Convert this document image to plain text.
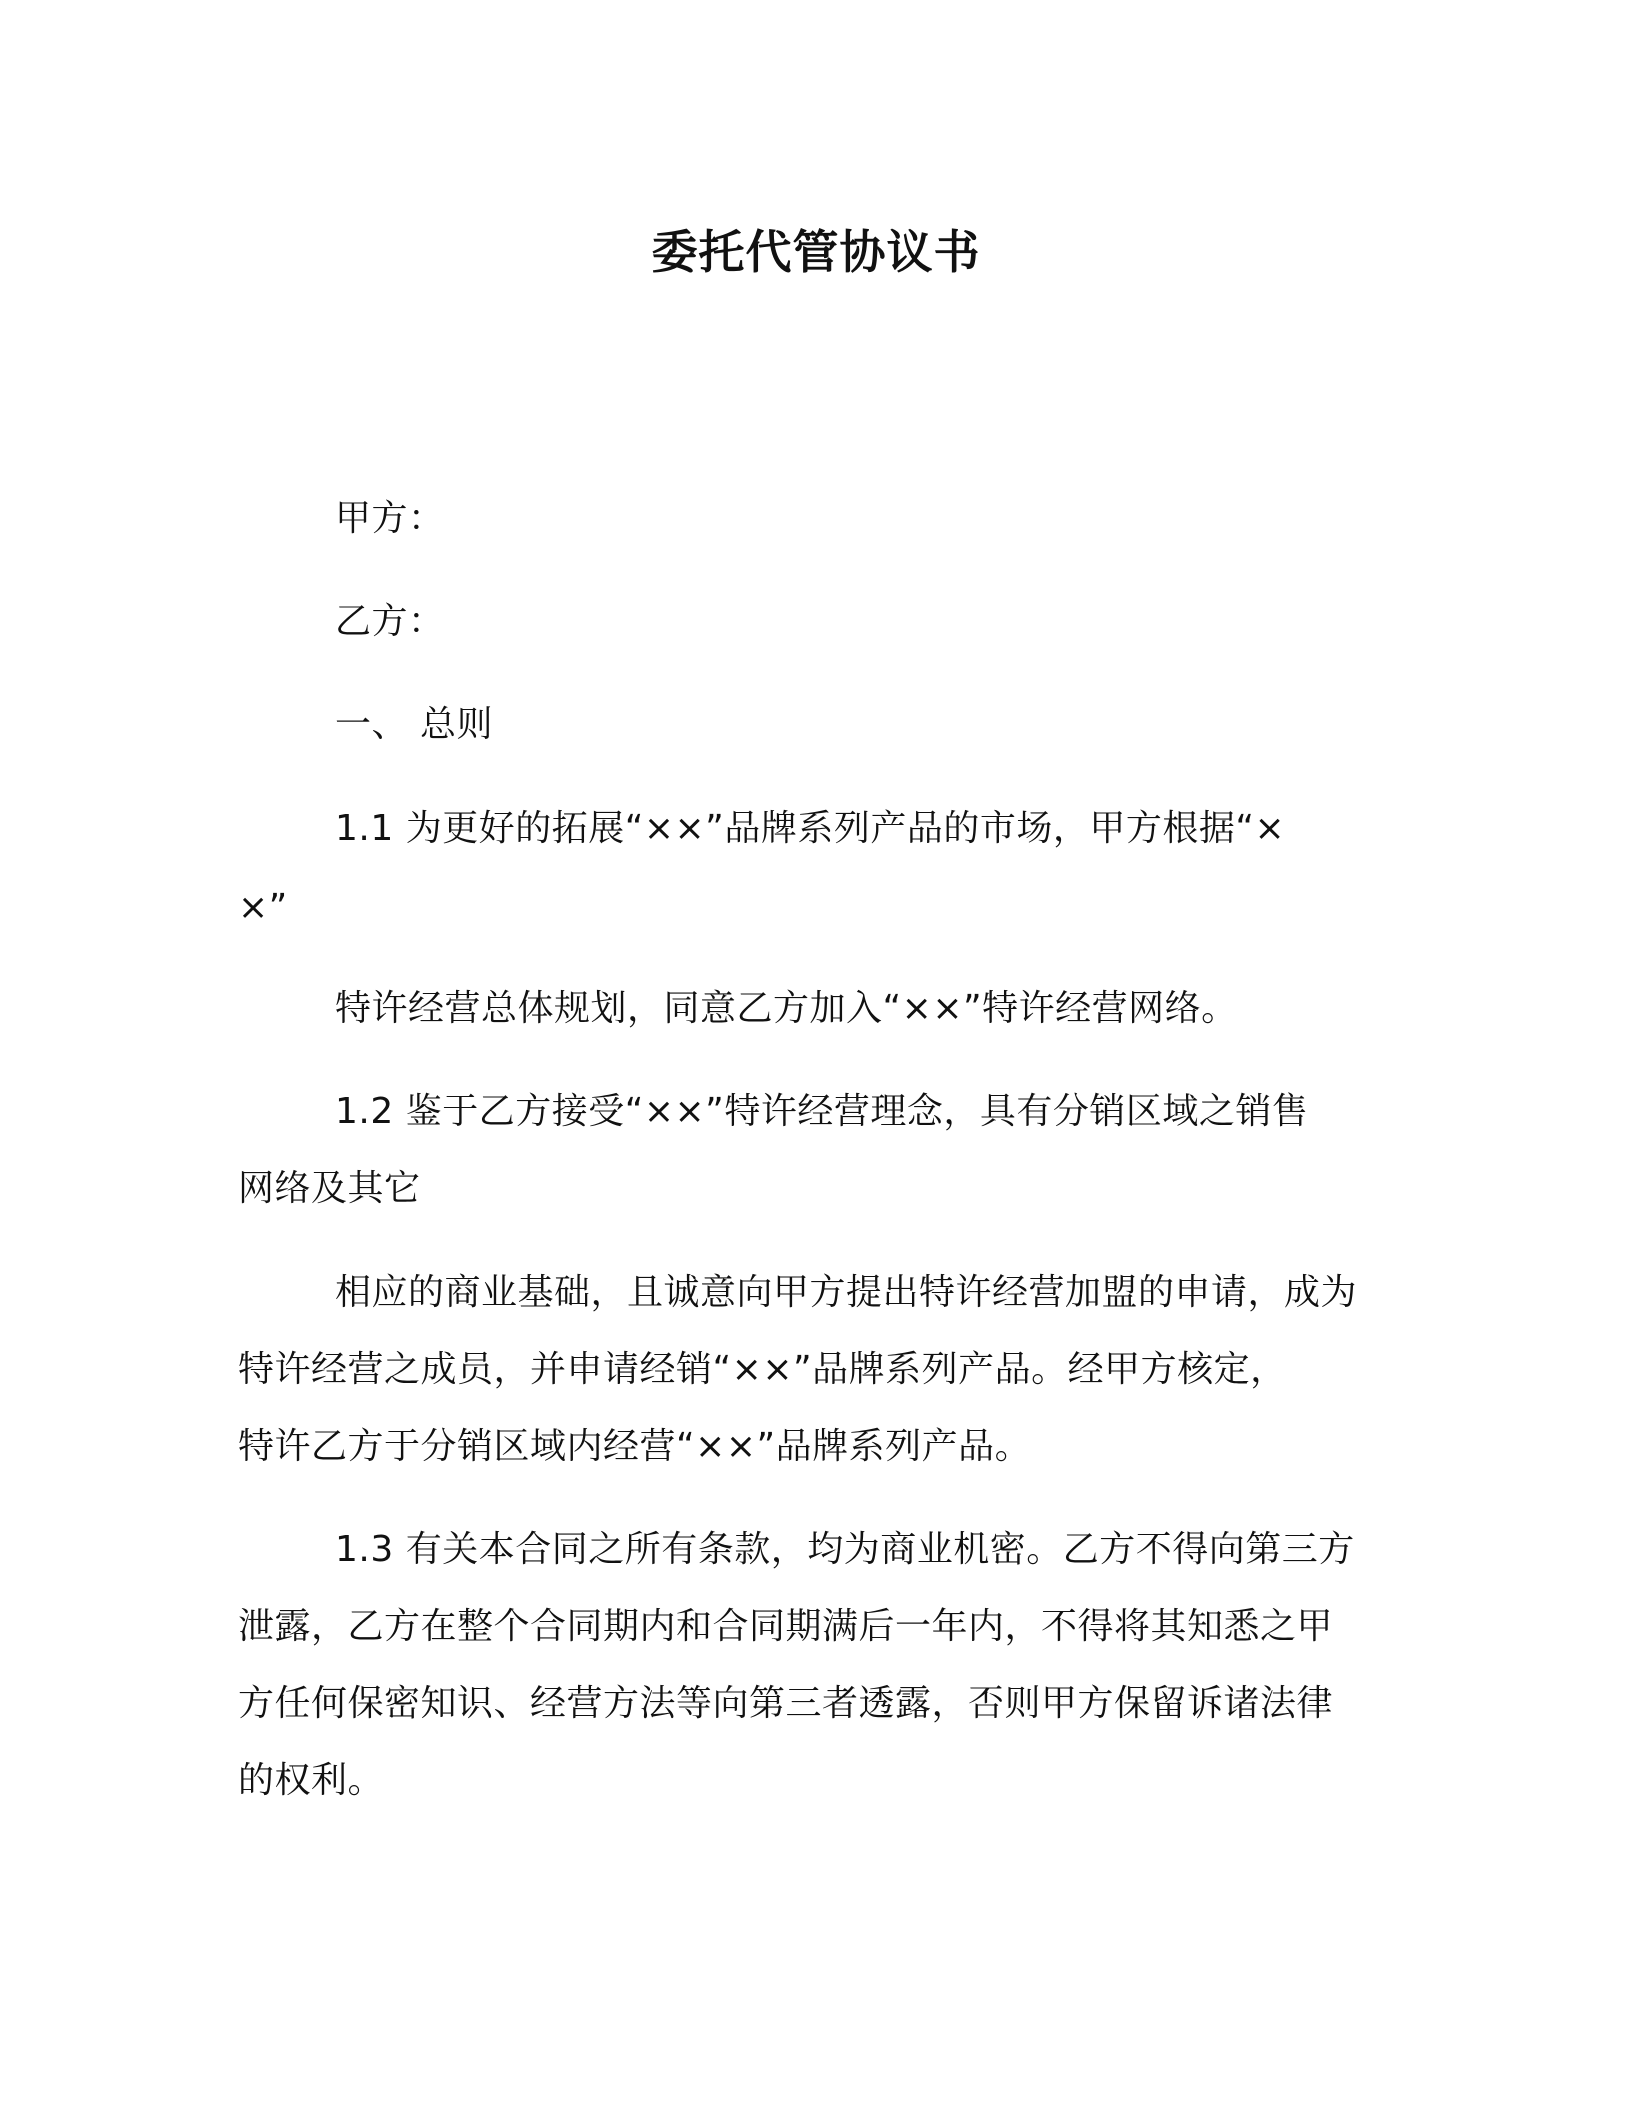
委托代管协议书
甲方：
乙方：
一、 总则
1.1 为更好的拓展“××”品牌系列产品的市场，甲方根据“×
×”
特许经营总体规划，同意乙方加入“××”特许经营网络。
1.2 鉴于乙方接受“××”特许经营理念，具有分销区域之销售
网络及其它
相应的商业基础，且诚意向甲方提出特许经营加盟的申请，成为
特许经营之成员，并申请经销“××”品牌系列产品。经甲方核定，
特许乙方于分销区域内经营“××”品牌系列产品。
1.3 有关本合同之所有条款，均为商业机密。乙方不得向第三方
泄露，乙方在整个合同期内和合同期满后一年内，不得将其知悉之甲
方任何保密知识、经营方法等向第三者透露，否则甲方保留诉诸法律
的权利。
